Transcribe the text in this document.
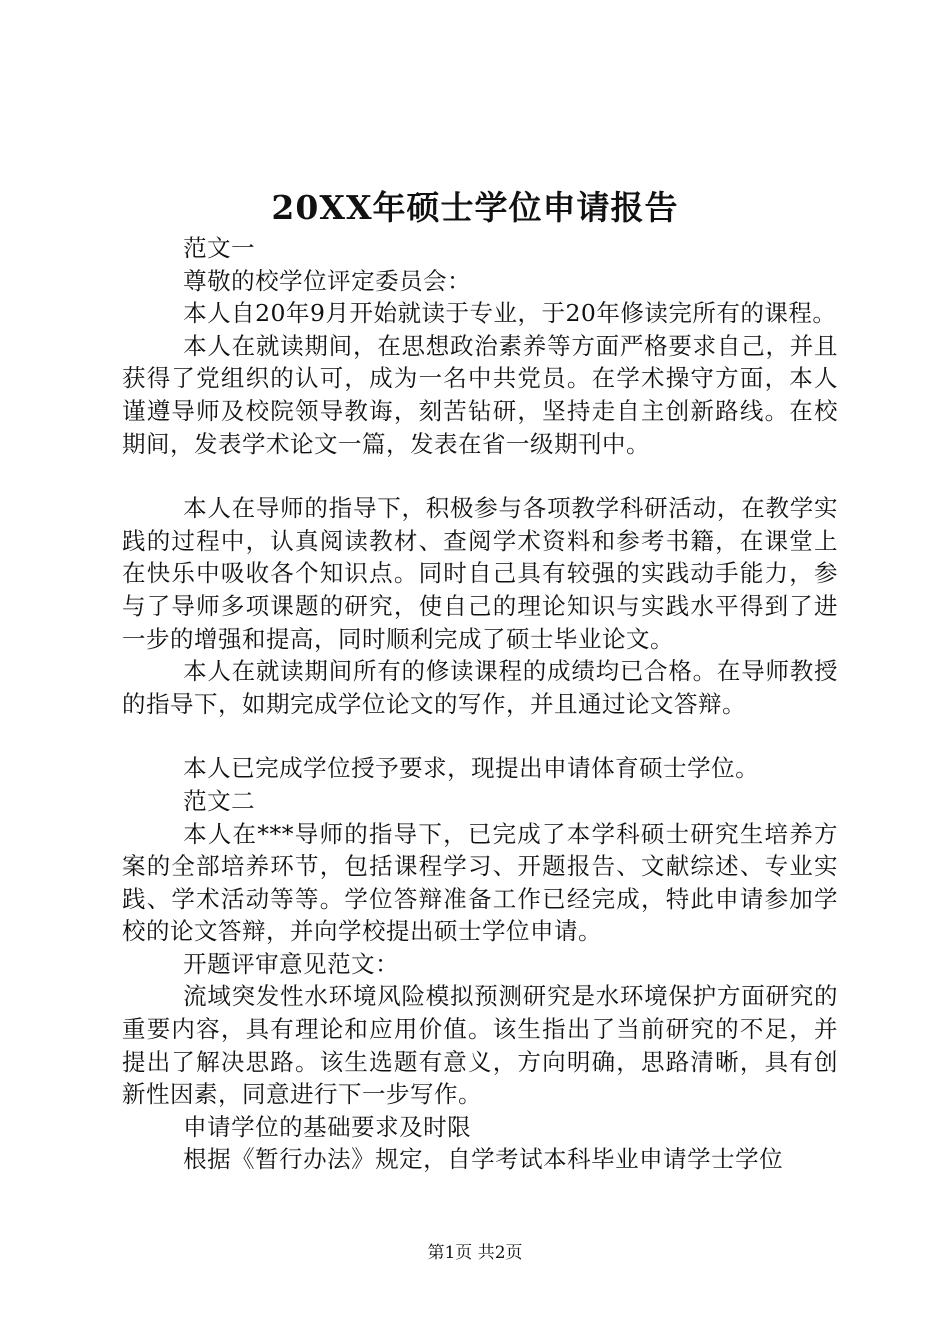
20XX年硕士学位申请报告

范文一

尊敬的校学位评定委员会：

本人自20年9月开始就读于专业，于20年修读完所有的课程。

本人在就读期间，在思想政治素养等方面严格要求自己，并且获得了党组织的认可，成为一名中共党员。在学术操守方面，本人谨遵导师及校院领导教诲，刻苦钻研，坚持走自主创新路线。在校期间，发表学术论文一篇，发表在省一级期刊中。

本人在导师的指导下，积极参与各项教学科研活动，在教学实践的过程中，认真阅读教材、查阅学术资料和参考书籍，在课堂上在快乐中吸收各个知识点。同时自己具有较强的实践动手能力，参与了导师多项课题的研究，使自己的理论知识与实践水平得到了进一步的增强和提高，同时顺利完成了硕士毕业论文。

本人在就读期间所有的修读课程的成绩均已合格。在导师教授的指导下，如期完成学位论文的写作，并且通过论文答辩。

本人已完成学位授予要求，现提出申请体育硕士学位。

范文二

本人在***导师的指导下，已完成了本学科硕士研究生培养方案的全部培养环节，包括课程学习、开题报告、文献综述、专业实践、学术活动等等。学位答辩准备工作已经完成，特此申请参加学校的论文答辩，并向学校提出硕士学位申请。

开题评审意见范文：

流域突发性水环境风险模拟预测研究是水环境保护方面研究的重要内容，具有理论和应用价值。该生指出了当前研究的不足，并提出了解决思路。该生选题有意义，方向明确，思路清晰，具有创新性因素，同意进行下一步写作。

申请学位的基础要求及时限

根据《暂行办法》规定，自学考试本科毕业申请学士学位

第1页 共2页
